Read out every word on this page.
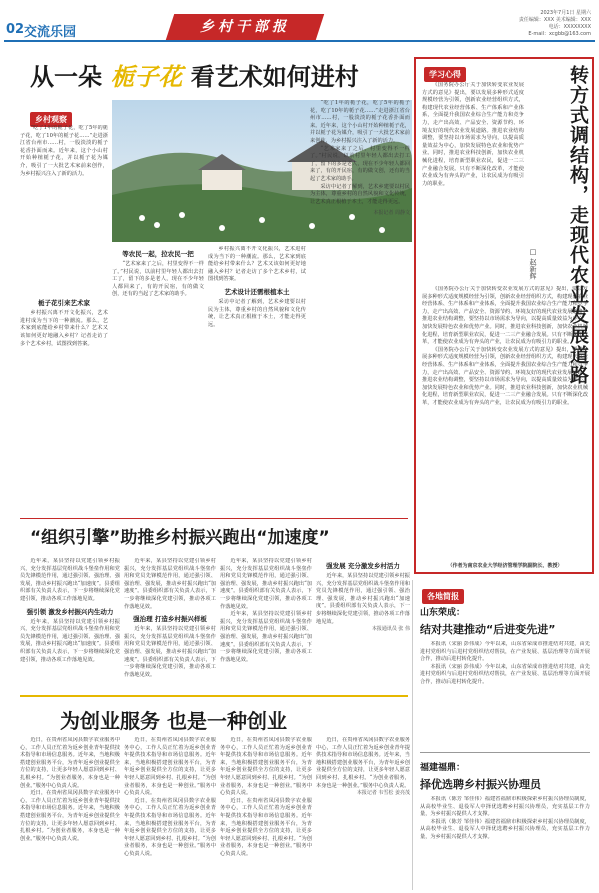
02 交流乐园	乡村干部报
2023年7月1日 星期六
责任编辑：XXX 美术编辑：XXX
电话：XXXXXXXX
E-mail：xcgbb@163.com
从一朵 栀子花 看艺术如何进村
乡村观察

“吃了1年的栀子花，吃了5年的栀子花，吃了10年的栀子花……”走进浙江省台州市……村，一股淡淡的栀子花香扑面而来。近年来，这个小山村开始种植栀子花，并以栀子花为媒介，吸引了一大批艺术家前来创作，为乡村振兴注入了新的活力。

栀子花引来艺术家

乡村振兴离不开文化振兴，艺术进村成为当下的一种潮流。那么，艺术家到底能给乡村带来什么？艺术又该如何更好地融入乡村？记者走访了多个艺术乡村，试图找到答案。

等农民一起，拉农民一把

“艺术家来了之后，村里变得不一样了。”村民说，以前村里年轻人都出去打工了，留下的多是老人，现在不少年轻人都回来了，有的开民宿，有的做文创，还有的当起了艺术家的助手。

乡村振兴离不开文化振兴，艺术进村成为当下的一种潮流。那么，艺术家到底能给乡村带来什么？艺术又该如何更好地融入乡村？记者走访了多个艺术乡村，试图找到答案。

艺术设计还需根植本土

采访中记者了解到，艺术乡建要以村民为主体，尊重乡村的自然风貌和文化传统，让艺术真正根植于本土，才能走得更远。

“吃了1年的栀子花，吃了5年的栀子花，吃了10年的栀子花……”走进浙江省台州市……村，一股淡淡的栀子花香扑面而来。近年来，这个小山村开始种植栀子花，并以栀子花为媒介，吸引了一大批艺术家前来创作，为乡村振兴注入了新的活力。

“艺术家来了之后，村里变得不一样了。”村民说，以前村里年轻人都出去打工了，留下的多是老人，现在不少年轻人都回来了，有的开民宿，有的做文创，还有的当起了艺术家的助手。

采访中记者了解到，艺术乡建要以村民为主体，尊重乡村的自然风貌和文化传统，让艺术真正根植于本土，才能走得更远。

本报记者 周静文
学习心得	转方式调结构，走现代农业发展道路
□ 赵新辉

《国务院办公厅关于加快转变农业发展方式的意见》提出，要以发展多种形式适度规模经营为引领，创新农业经营组织方式，构建现代农业经营体系、生产体系和产业体系，全面提升我国农业综合生产能力和竞争力，走产出高效、产品安全、资源节约、环境友好的现代农业发展道路。推进农业结构调整，要坚持以市场需求为导向，以提高质量效益为中心，加快发展特色农业和优势产业。同时，推进农业科技创新，加快农业机械化进程，培育新型职业农民，促进一二三产业融合发展。只有不断深化改革，才能使农业成为有奔头的产业，让农民成为有吸引力的职业。

《国务院办公厅关于加快转变农业发展方式的意见》提出，要以发展多种形式适度规模经营为引领，创新农业经营组织方式，构建现代农业经营体系、生产体系和产业体系，全面提升我国农业综合生产能力和竞争力，走产出高效、产品安全、资源节约、环境友好的现代农业发展道路。推进农业结构调整，要坚持以市场需求为导向，以提高质量效益为中心，加快发展特色农业和优势产业。同时，推进农业科技创新，加快农业机械化进程，培育新型职业农民，促进一二三产业融合发展。只有不断深化改革，才能使农业成为有奔头的产业，让农民成为有吸引力的职业。

《国务院办公厅关于加快转变农业发展方式的意见》提出，要以发展多种形式适度规模经营为引领，创新农业经营组织方式，构建现代农业经营体系、生产体系和产业体系，全面提升我国农业综合生产能力和竞争力，走产出高效、产品安全、资源节约、环境友好的现代农业发展道路。推进农业结构调整，要坚持以市场需求为导向，以提高质量效益为中心，加快发展特色农业和优势产业。同时，推进农业科技创新，加快农业机械化进程，培育新型职业农民，促进一二三产业融合发展。只有不断深化改革，才能使农业成为有奔头的产业，让农民成为有吸引力的职业。

（作者为南京农业大学经济管理学院副院长、教授）
“组织引擎”助推乡村振兴跑出“加速度”

近年来，某县坚持以党建引领乡村振兴，充分发挥基层党组织战斗堡垒作用和党员先锋模范作用，通过强引领、强治理、强发展，推动乡村振兴跑出“加速度”。县委组织部有关负责人表示，下一步将继续深化党建引领，推动各项工作落地见效。

强引领 激发乡村振兴内生动力

近年来，某县坚持以党建引领乡村振兴，充分发挥基层党组织战斗堡垒作用和党员先锋模范作用，通过强引领、强治理、强发展，推动乡村振兴跑出“加速度”。县委组织部有关负责人表示，下一步将继续深化党建引领，推动各项工作落地见效。

近年来，某县坚持以党建引领乡村振兴，充分发挥基层党组织战斗堡垒作用和党员先锋模范作用，通过强引领、强治理、强发展，推动乡村振兴跑出“加速度”。县委组织部有关负责人表示，下一步将继续深化党建引领，推动各项工作落地见效。

强治理 打造乡村振兴样板

近年来，某县坚持以党建引领乡村振兴，充分发挥基层党组织战斗堡垒作用和党员先锋模范作用，通过强引领、强治理、强发展，推动乡村振兴跑出“加速度”。县委组织部有关负责人表示，下一步将继续深化党建引领，推动各项工作落地见效。

近年来，某县坚持以党建引领乡村振兴，充分发挥基层党组织战斗堡垒作用和党员先锋模范作用，通过强引领、强治理、强发展，推动乡村振兴跑出“加速度”。县委组织部有关负责人表示，下一步将继续深化党建引领，推动各项工作落地见效。

近年来，某县坚持以党建引领乡村振兴，充分发挥基层党组织战斗堡垒作用和党员先锋模范作用，通过强引领、强治理、强发展，推动乡村振兴跑出“加速度”。县委组织部有关负责人表示，下一步将继续深化党建引领，推动各项工作落地见效。

强发展 充分激发乡村活力

近年来，某县坚持以党建引领乡村振兴，充分发挥基层党组织战斗堡垒作用和党员先锋模范作用，通过强引领、强治理、强发展，推动乡村振兴跑出“加速度”。县委组织部有关负责人表示，下一步将继续深化党建引领，推动各项工作落地见效。

本报通讯员 张 伟
为创业服务 也是一种创业

近日，在贵州省凤冈县数字农业服务中心，工作人员正忙着为返乡创业青年提供技术指导和市场信息服务。近年来，当地积极搭建创业服务平台，为青年返乡创业提供全方位的支持，让更多年轻人愿意回到乡村、扎根乡村。“为创业者服务，本身也是一种创业。”服务中心负责人说。

近日，在贵州省凤冈县数字农业服务中心，工作人员正忙着为返乡创业青年提供技术指导和市场信息服务。近年来，当地积极搭建创业服务平台，为青年返乡创业提供全方位的支持，让更多年轻人愿意回到乡村、扎根乡村。“为创业者服务，本身也是一种创业。”服务中心负责人说。

近日，在贵州省凤冈县数字农业服务中心，工作人员正忙着为返乡创业青年提供技术指导和市场信息服务。近年来，当地积极搭建创业服务平台，为青年返乡创业提供全方位的支持，让更多年轻人愿意回到乡村、扎根乡村。“为创业者服务，本身也是一种创业。”服务中心负责人说。

近日，在贵州省凤冈县数字农业服务中心，工作人员正忙着为返乡创业青年提供技术指导和市场信息服务。近年来，当地积极搭建创业服务平台，为青年返乡创业提供全方位的支持，让更多年轻人愿意回到乡村、扎根乡村。“为创业者服务，本身也是一种创业。”服务中心负责人说。

近日，在贵州省凤冈县数字农业服务中心，工作人员正忙着为返乡创业青年提供技术指导和市场信息服务。近年来，当地积极搭建创业服务平台，为青年返乡创业提供全方位的支持，让更多年轻人愿意回到乡村、扎根乡村。“为创业者服务，本身也是一种创业。”服务中心负责人说。

近日，在贵州省凤冈县数字农业服务中心，工作人员正忙着为返乡创业青年提供技术指导和市场信息服务。近年来，当地积极搭建创业服务平台，为青年返乡创业提供全方位的支持，让更多年轻人愿意回到乡村、扎根乡村。“为创业者服务，本身也是一种创业。”服务中心负责人说。

近日，在贵州省凤冈县数字农业服务中心，工作人员正忙着为返乡创业青年提供技术指导和市场信息服务。近年来，当地积极搭建创业服务平台，为青年返乡创业提供全方位的支持，让更多年轻人愿意回到乡村、扎根乡村。“为创业者服务，本身也是一种创业。”服务中心负责人说。

本报记者 韦雪松 姜亮茂
各地简报
山东荣成：
结对共建推动“后进变先进”

本报讯（宋丽 彭伟成）今年以来，山东省荣成市推进结对共建，由先进村党组织与后进村党组织结对帮扶，在产业发展、基层治理等方面开展合作，推动后进村转化提升。

本报讯（宋丽 彭伟成）今年以来，山东省荣成市推进结对共建，由先进村党组织与后进村党组织结对帮扶，在产业发展、基层治理等方面开展合作，推动后进村转化提升。

福建福鼎：
择优选聘乡村振兴协理员

本报讯（陈芳 邹佳伟）福建省福鼎市积极探索乡村振兴协理员制度，从高校毕业生、退役军人中择优选聘乡村振兴协理员，充实基层工作力量，为乡村振兴提供人才支撑。

本报讯（陈芳 邹佳伟）福建省福鼎市积极探索乡村振兴协理员制度，从高校毕业生、退役军人中择优选聘乡村振兴协理员，充实基层工作力量，为乡村振兴提供人才支撑。
